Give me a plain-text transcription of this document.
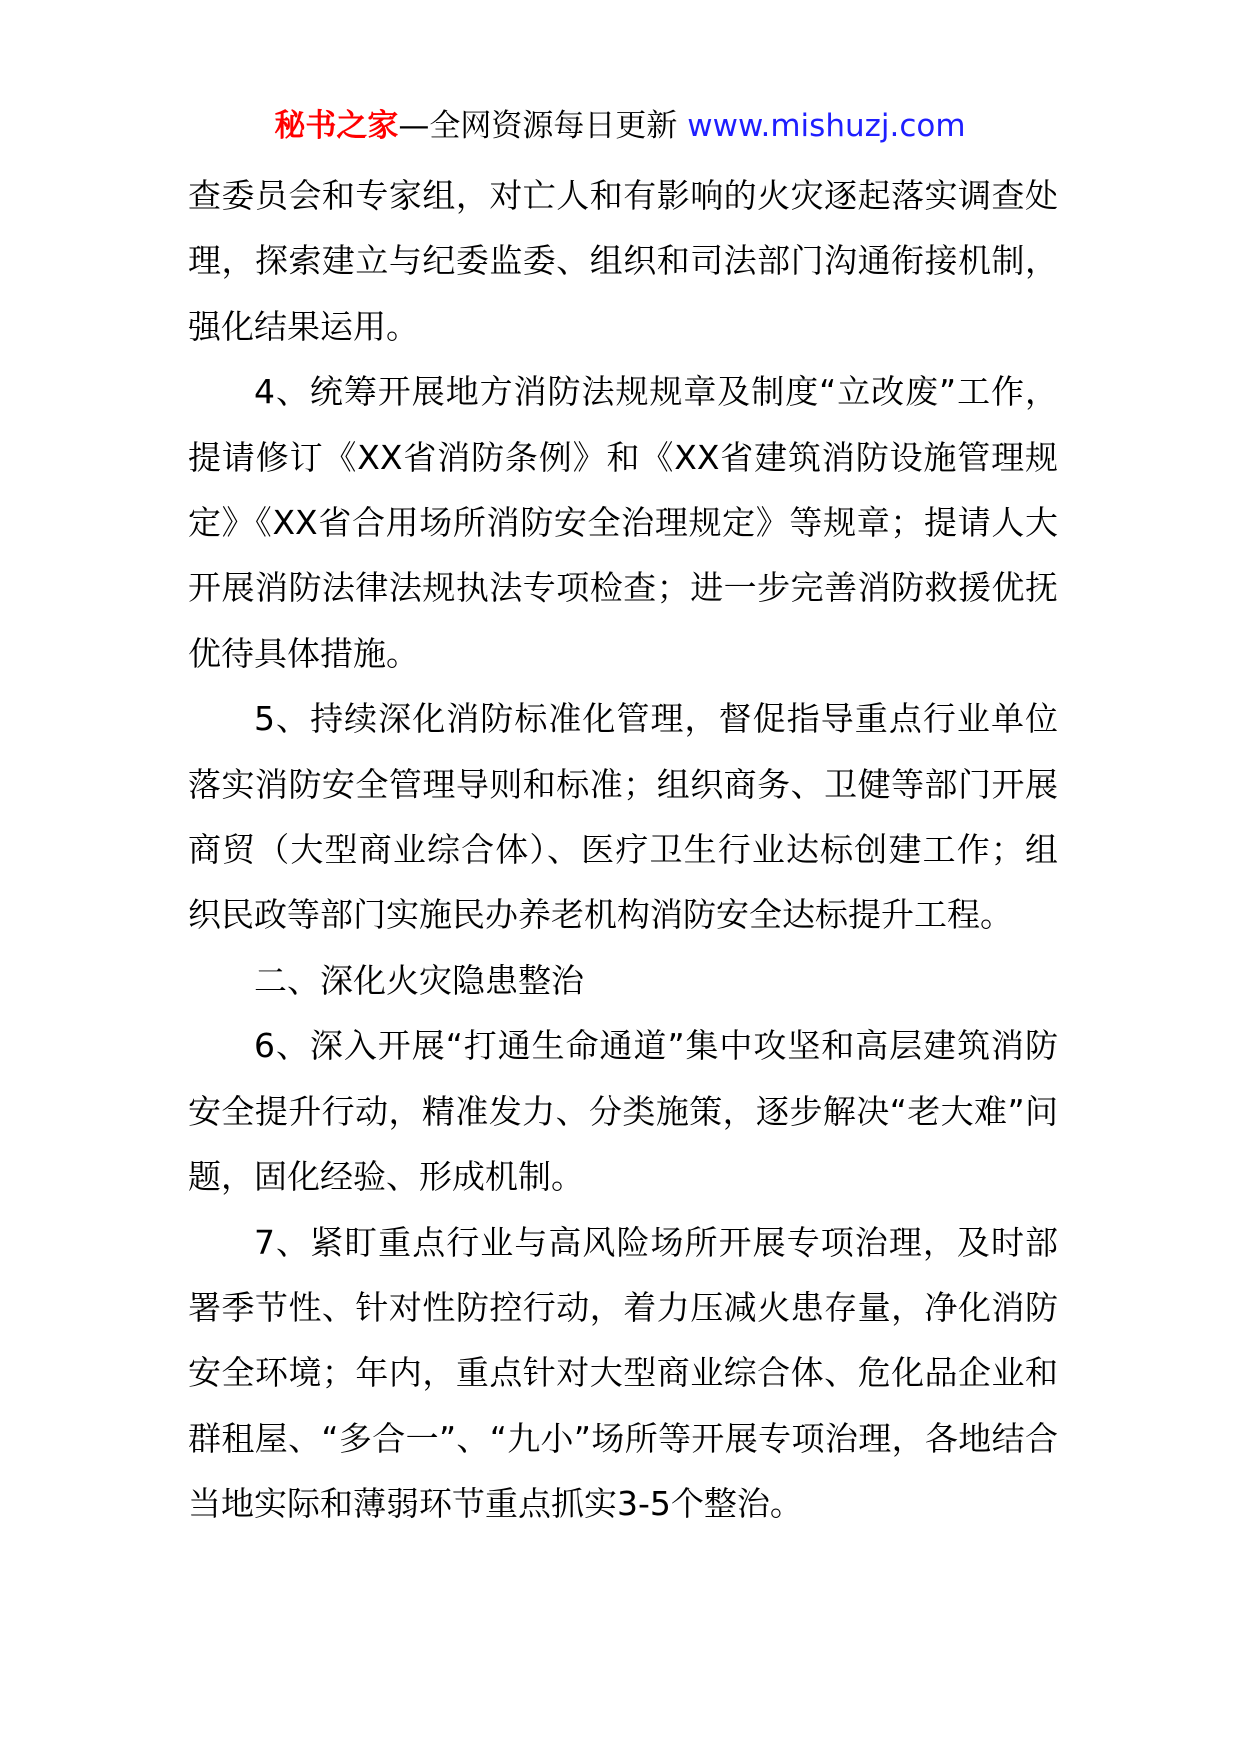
秘书之家—全网资源每日更新 www.mishuzj.com

查委员会和专家组，对亡人和有影响的火灾逐起落实调查处理，探索建立与纪委监委、组织和司法部门沟通衔接机制，强化结果运用。

4、统筹开展地方消防法规规章及制度“立改废”工作，提请修订《XX省消防条例》和《XX省建筑消防设施管理规定》《XX省合用场所消防安全治理规定》等规章；提请人大开展消防法律法规执法专项检查；进一步完善消防救援优抚优待具体措施。

5、持续深化消防标准化管理，督促指导重点行业单位落实消防安全管理导则和标准；组织商务、卫健等部门开展商贸（大型商业综合体）、医疗卫生行业达标创建工作；组织民政等部门实施民办养老机构消防安全达标提升工程。

二、深化火灾隐患整治

6、深入开展“打通生命通道”集中攻坚和高层建筑消防安全提升行动，精准发力、分类施策，逐步解决“老大难”问题，固化经验、形成机制。

7、紧盯重点行业与高风险场所开展专项治理，及时部署季节性、针对性防控行动，着力压减火患存量，净化消防安全环境；年内，重点针对大型商业综合体、危化品企业和群租屋、“多合一”、“九小”场所等开展专项治理，各地结合当地实际和薄弱环节重点抓实3-5个整治。
